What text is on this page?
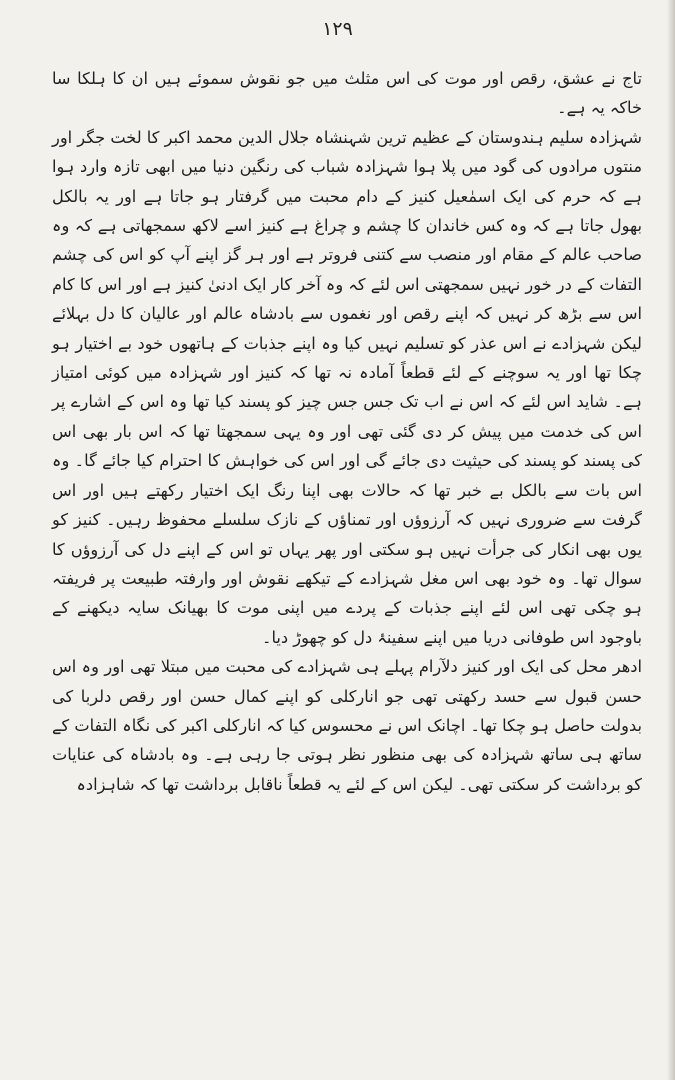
۱۲۹

تاج نے عشق، رقص اور موت کی اس مثلث میں جو نقوش سموئے ہیں ان کا ہلکا سا خاکہ یہ ہے۔

شہزادہ سلیم ہندوستان کے عظیم ترین شہنشاہ جلال الدین محمد اکبر کا لخت جگر اور منتوں مرادوں کی گود میں پلا ہوا شہزادہ شباب کی رنگین دنیا میں ابھی تازہ وارد ہوا ہے کہ حرم کی ایک اسمٰعیل کنیز کے دام محبت میں گرفتار ہو جاتا ہے اور یہ بالکل بھول جاتا ہے کہ وہ کس خاندان کا چشم و چراغ ہے کنیز اسے لاکھ سمجھاتی ہے کہ وہ صاحب عالم کے مقام اور منصب سے کتنی فروتر ہے اور ہر گز اپنے آپ کو اس کی چشم التفات کے در خور نہیں سمجھتی اس لئے کہ وہ آخر کار ایک ادنیٰ کنیز ہے اور اس کا کام اس سے بڑھ کر نہیں کہ اپنے رقص اور نغموں سے بادشاہ عالم اور عالیان کا دل بہلائے لیکن شہزادے نے اس عذر کو تسلیم نہیں کیا وہ اپنے جذبات کے ہاتھوں خود بے اختیار ہو چکا تھا اور یہ سوچنے کے لئے قطعاً آمادہ نہ تھا کہ کنیز اور شہزادہ میں کوئی امتیاز ہے۔ شاید اس لئے کہ اس نے اب تک جس جس چیز کو پسند کیا تھا وہ اس کے اشارے پر اس کی خدمت میں پیش کر دی گئی تھی اور وہ یہی سمجھتا تھا کہ اس بار بھی اس کی پسند کو پسند کی حیثیت دی جائے گی اور اس کی خواہش کا احترام کیا جائے گا۔ وہ اس بات سے بالکل بے خبر تھا کہ حالات بھی اپنا رنگ ایک اختیار رکھتے ہیں اور اس گرفت سے ضروری نہیں کہ آرزوؤں اور تمناؤں کے نازک سلسلے محفوظ رہیں۔ کنیز کو یوں بھی انکار کی جرأت نہیں ہو سکتی اور پھر یہاں تو اس کے اپنے دل کی آرزوؤں کا سوال تھا۔ وہ خود بھی اس مغل شہزادے کے تیکھے نقوش اور وارفتہ طبیعت پر فریفتہ ہو چکی تھی اس لئے اپنے جذبات کے پردے میں اپنی موت کا بھیانک سایہ دیکھنے کے باوجود اس طوفانی دریا میں اپنے سفینۂ دل کو چھوڑ دیا۔

ادھر محل کی ایک اور کنیز دلآرام پہلے ہی شہزادے کی محبت میں مبتلا تھی اور وہ اس حسن قبول سے حسد رکھتی تھی جو انارکلی کو اپنے کمال حسن اور رقص دلربا کی بدولت حاصل ہو چکا تھا۔ اچانک اس نے محسوس کیا کہ انارکلی اکبر کی نگاہ التفات کے ساتھ ہی ساتھ شہزادہ کی بھی منظور نظر ہوتی جا رہی ہے۔ وہ بادشاہ کی عنایات کو برداشت کر سکتی تھی۔ لیکن اس کے لئے یہ قطعاً ناقابل برداشت تھا کہ شاہزادہ
